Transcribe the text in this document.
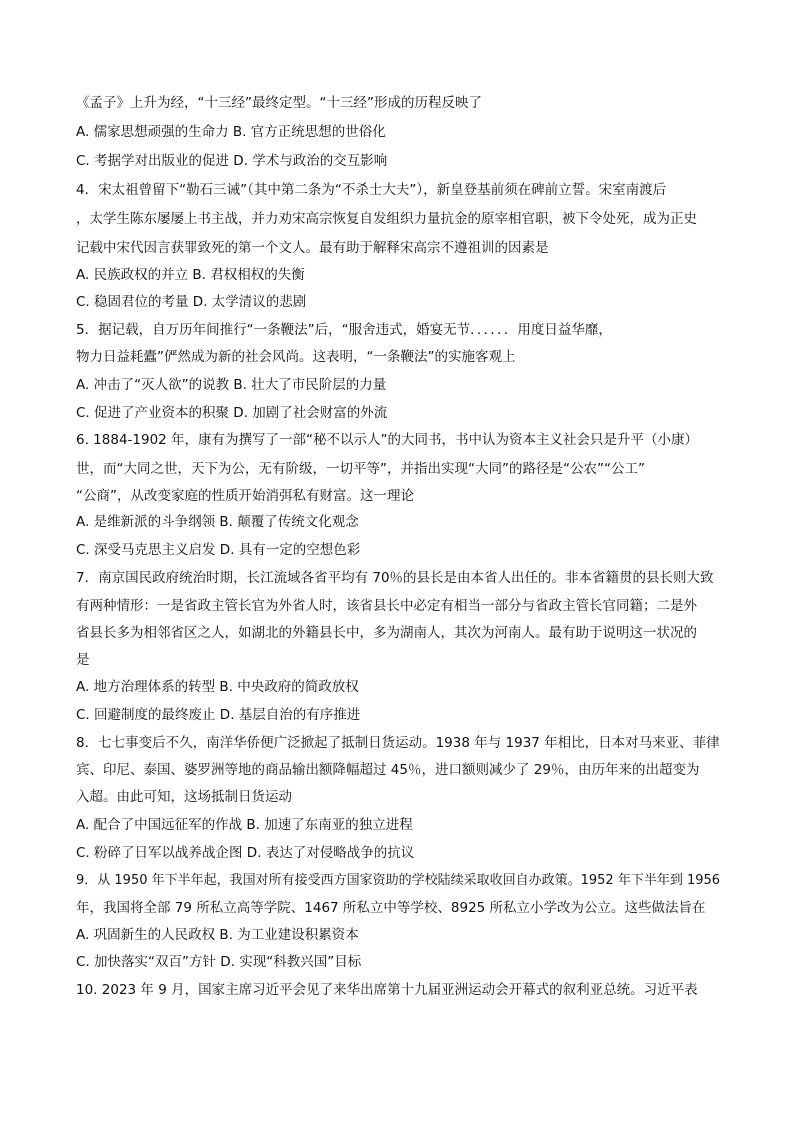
《孟子》上升为经，“十三经”最终定型。“十三经”形成的历程反映了
A. 儒家思想顽强的生命力 B. 官方正统思想的世俗化
C. 考据学对出版业的促进 D. 学术与政治的交互影响
4．宋太祖曾留下“勒石三诫”（其中第二条为“不杀士大夫”），新皇登基前须在碑前立誓。宋室南渡后
，太学生陈东屡屡上书主战，并力劝宋高宗恢复自发组织力量抗金的原宰相官职，被下令处死，成为正史
记载中宋代因言获罪致死的第一个文人。最有助于解释宋高宗不遵祖训的因素是
A. 民族政权的并立 B. 君权相权的失衡
C. 稳固君位的考量 D. 太学清议的悲剧
5．据记载，自万历年间推行“一条鞭法”后，“服舍违式，婚宴无节．．．．．．用度日益华靡，
物力日益耗蠹”俨然成为新的社会风尚。这表明，“一条鞭法”的实施客观上
A. 冲击了“灭人欲”的说教 B. 壮大了市民阶层的力量
C. 促进了产业资本的积聚 D. 加剧了社会财富的外流
6. 1884-1902 年，康有为撰写了一部“秘不以示人”的大同书，书中认为资本主义社会只是升平（小康）
世，而“大同之世，天下为公，无有阶级，一切平等”，并指出实现“大同”的路径是“公农”“公工”
“公商”，从改变家庭的性质开始消弭私有财富。这一理论
A. 是维新派的斗争纲领 B. 颠覆了传统文化观念
C. 深受马克思主义启发 D. 具有一定的空想色彩
7．南京国民政府统治时期，长江流域各省平均有 70％的县长是由本省人出任的。非本省籍贯的县长则大致
有两种情形：一是省政主管长官为外省人时，该省县长中必定有相当一部分与省政主管长官同籍；二是外
省县长多为相邻省区之人，如湖北的外籍县长中，多为湖南人，其次为河南人。最有助于说明这一状况的
是
A. 地方治理体系的转型 B. 中央政府的简政放权
C. 回避制度的最终废止 D. 基层自治的有序推进
8．七七事变后不久，南洋华侨便广泛掀起了抵制日货运动。1938 年与 1937 年相比，日本对马来亚、菲律
宾、印尼、泰国、婆罗洲等地的商品输出额降幅超过 45％，进口额则减少了 29％，由历年来的出超变为
入超。由此可知，这场抵制日货运动
A. 配合了中国远征军的作战 B. 加速了东南亚的独立进程
C. 粉碎了日军以战养战企图 D. 表达了对侵略战争的抗议
9．从 1950 年下半年起，我国对所有接受西方国家资助的学校陆续采取收回自办政策。1952 年下半年到 1956
年，我国将全部 79 所私立高等学院、1467 所私立中等学校、8925 所私立小学改为公立。这些做法旨在
A. 巩固新生的人民政权 B. 为工业建设积累资本
C. 加快落实“双百”方针 D. 实现“科教兴国”目标
10. 2023 年 9 月，国家主席习近平会见了来华出席第十九届亚洲运动会开幕式的叙利亚总统。习近平表
